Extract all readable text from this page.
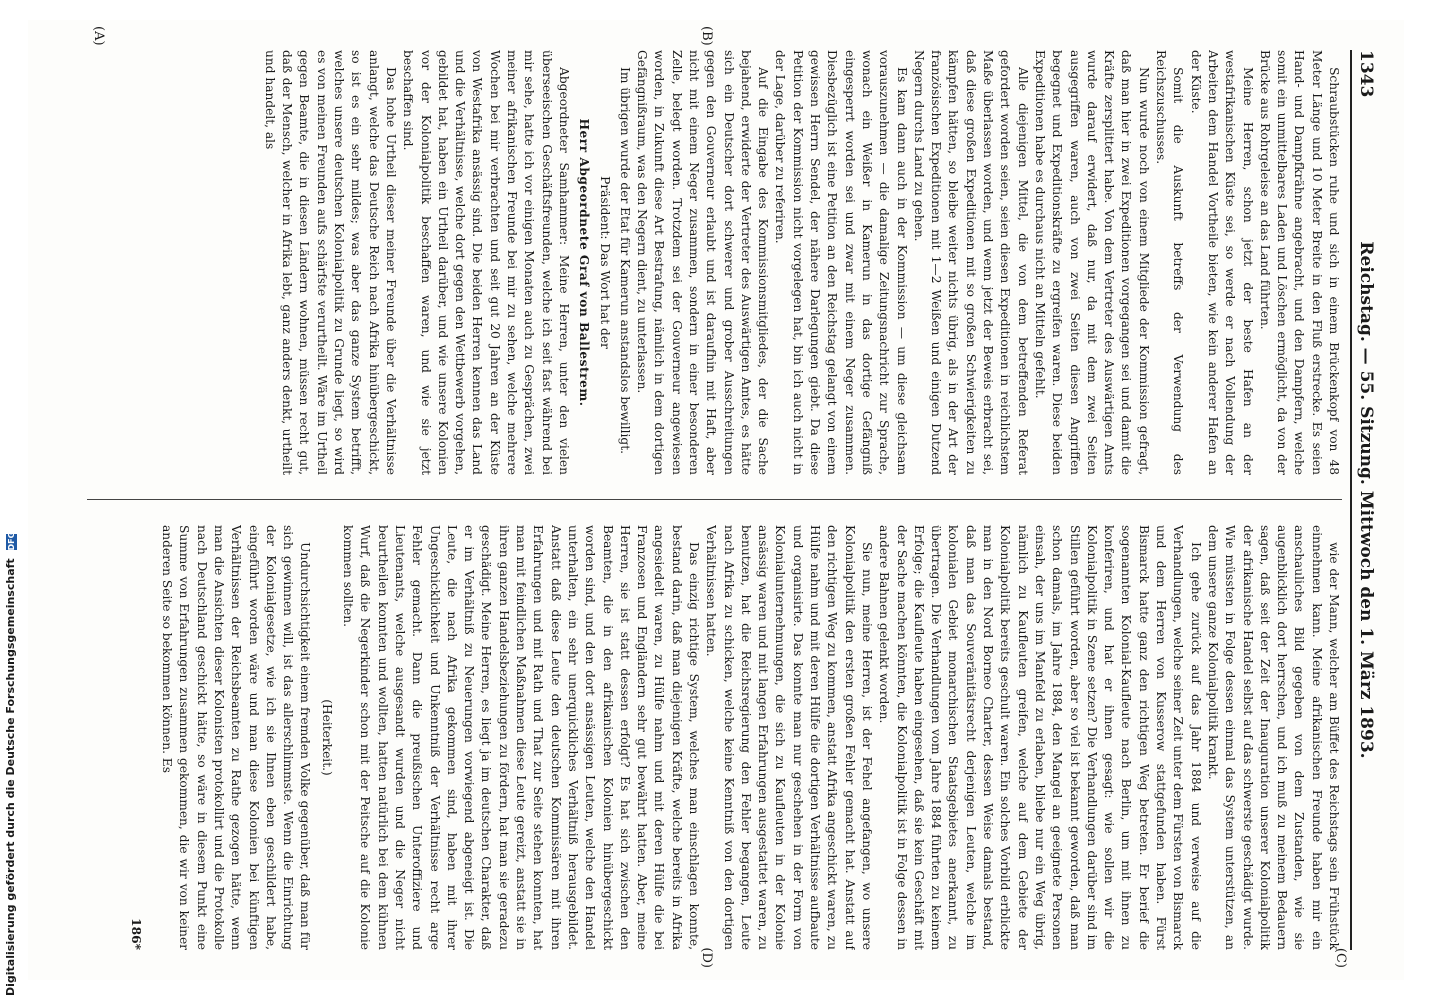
1343
Reichstag. — 55. Sitzung. Mittwoch den 1. März 1893.
(C)
(D)
(B)
(A)

Schraubstücken ruhe und sich in einem Brückenkopf von 48 Meter Länge und 10 Meter Breite in den Fluß erstrecke. Es seien Hand- und Dampfkrähne angebracht, und den Dampfern, welche somit ein unmittelbares Laden und Löschen ermöglicht, da von der Brücke aus Rohrgeleise an das Land führten.

Meine Herren, schon jetzt der beste Hafen an der westafrikanischen Küste sei, so werde er nach Vollendung der Arbeiten dem Handel Vortheile bieten, wie kein anderer Hafen an der Küste.

Somit die Auskunft betreffs der Verwendung des Reichszuschusses.

Nun wurde noch von einem Mitgliede der Kommission gefragt, daß man hier in zwei Expeditionen vorgegangen sei und damit die Kräfte zersplittert habe. Von dem Vertreter des Auswärtigen Amts wurde darauf erwidert, daß nur, da mit dem zwei Seiten ausgegriffen waren, auch von zwei Seiten diesen Angriffen begegnet und Expeditionskräfte zu ergreifen waren. Diese beiden Expeditionen habe es durchaus nicht an Mitteln gefehlt.

Alle diejenigen Mittel, die von dem betreffenden Referat gefordert worden seien, seien diesen Expeditionen in reichlichstem Maße überlassen worden, und wenn jetzt der Beweis erbracht sei, daß diese großen Expeditionen mit so großen Schwierigkeiten zu kämpfen hätten, so bleibe weiter nichts übrig, als in der Art der französischen Expeditionen mit 1—2 Weißen und einigen Dutzend Negern durchs Land zu gehen.

Es kam dann auch in der Kommission — um diese gleichsam vorauszunehmen — die damalige Zeitungsnachricht zur Sprache, wonach ein Weißer in Kamerun in das dortige Gefängniß eingesperrt worden sei und zwar mit einem Neger zusammen. Diesbezüglich ist eine Petition an den Reichstag gelangt von einem gewissen Herrn Sendel, der nähere Darlegungen giebt. Da diese Petition der Kommission nicht vorgelegen hat, bin ich auch nicht in der Lage, darüber zu referiren.

Auf die Eingabe des Kommissionsmitgliedes, der die Sache bejahend, erwiderte der Vertreter des Auswärtigen Amtes, es hätte sich ein Deutscher dort schwerer und grober Ausschreitungen gegen den Gouverneur erlaubt und ist daraufhin mit Haft, aber nicht mit einem Neger zusammen, sondern in einer besonderen Zelle, belegt worden. Trotzdem sei der Gouverneur angewiesen worden, in Zukunft diese Art Bestrafung, nämlich in dem dortigen Gefängnißraum, was den Negern dient, zu unterlassen.

Im übrigen wurde der Etat für Kamerun anstandslos bewilligt.

Präsident: Das Wort hat der

Herr Abgeordnete Graf von Ballestrem.

Abgeordneter Samhammer: Meine Herren, unter den vielen überseeischen Geschäftsfreunden, welche ich seit fast während bei mir sehe, hatte ich vor einigen Monaten auch zu Gesprächen, zwei meiner afrikanischen Freunde bei mir zu sehen, welche mehrere Wochen bei mir verbrachten und seit gut 20 Jahren an der Küste von Westafrika ansässig sind. Die beiden Herren kennen das Land und die Verhältnisse, welche dort gegen den Wettbewerb vorgehen, gebildet hat, haben ein Urtheil darüber, und wie unsere Kolonien vor der Kolonialpolitik beschaffen waren, und wie sie jetzt beschaffen sind.

Das hohe Urtheil dieser meiner Freunde über die Verhältnisse anlangt, welche das Deutsche Reich nach Afrika hinübergeschickt, so ist es ein sehr mildes; was aber das ganze System betrifft, welches unsere deutschen Kolonialpolitik zu Grunde liegt, so wird es von meinen Freunden aufs schärfste verurtheilt. Wäre im Urtheil gegen Beamte, die in diesen Ländern wohnen, müssen recht gut, daß der Mensch, welcher in Afrika lebt, ganz anders denkt, urtheilt und handelt, als

wie der Mann, welcher am Büffet des Reichstags sein Frühstück einnehmen kann. Meine afrikanischen Freunde haben mir ein anschauliches Bild gegeben von dem Zustanden, wie sie augenblicklich dort herrschen, und ich muß zu meinem Bedauern sagen, daß seit der Zeit der Inauguration unserer Kolonialpolitik der afrikanische Handel selbst auf das schwerste geschädigt wurde. Wie müssten in Folge dessen einmal das System unterstützen, an dem unsere ganze Kolonialpolitik krankt.

Ich gehe zurück auf das Jahr 1884 und verweise auf die Verhandlungen, welche seiner Zeit unter dem Fürsten von Bismarck und dem Herren von Kusserow stattgefunden haben. Fürst Bismarck hatte ganz den richtigen Weg betreten. Er berief die sogenannten Kolonial-Kaufleute nach Berlin, um mit ihnen zu konferiren, und hat er ihnen gesagt: wie sollen wir die Kolonialpolitik in Szene setzen? Die Verhandlungen darüber sind im Stillen geführt worden, aber so viel ist bekannt geworden, daß man schon damals, im Jahre 1884, den Mangel an geeignete Personen einsah, der uns im Manfeld zu erlaben, bliebe nur ein Weg übrig, nämlich zu Kaufleuten greifen, welche auf dem Gebiete der Kolonialpolitik bereits geschult waren. Ein solches Vorbild erblickte man in den Nord Borneo Charter, dessen Weise damals bestand, daß man das Souveränitätsrecht derjenigen Leuten, welche im kolonialen Gebiet monarchischen Staatsgebietes anerkannt, zu übertragen. Die Verhandlungen vom Jahre 1884 führten zu keinem Erfolge; die Kaufleute haben eingesehen, daß sie kein Geschäft mit der Sache machen könnten, die Kolonialpolitik ist in Folge dessen in andere Bahnen gelenkt worden.

Sie nun, meine Herren, ist der Fehel angefangen, wo unsere Kolonialpolitik den ersten großen Fehler gemacht hat. Anstatt auf den richtigen Weg zu kommen, anstatt Afrika angeschickt waren, zu Hülfe nahm und mit deren Hülfe die dortigen Verhältnisse aufbaute und organisirte. Das konnte man nur geschehen in der Form von Kolonialunternehmungen, die sich zu Kaufleuten in der Kolonie ansässig waren und mit langen Erfahrungen ausgestattet waren, zu benutzen, hat die Reichsregierung den Fehler begangen, Leute nach Afrika zu schicken, welche keine Kenntniß von den dortigen Verhältnissen hatten.

Das einzig richtige System, welches man einschlagen konnte, bestand darin, daß man diejenigen Kräfte, welche bereits in Afrika angesiedelt waren, zu Hülfe nahm und mit deren Hülfe die bei Franzosen und Engländern sehr gut bewährt hatten. Aber, meine Herren, sie ist statt dessen erfolgt? Es hat sich zwischen den Beamten, die in den afrikanischen Kolonien hinübergeschickt worden sind, und den dort ansässigen Leuten, welche den Handel unterhalten, ein sehr unerquickliches Verhältniß herausgebildet. Anstatt daß diese Leute den deutschen Kommissären mit ihren Erfahrungen und mit Rath und That zur Seite stehen konnten, hat man mit feindlichen Maßnahmen diese Leute gereizt, anstatt sie in ihren ganzen Handelsbeziehungen zu fördern, hat man sie geradezu geschädigt. Meine Herren, es liegt ja im deutschen Charakter, daß er im Verhältniß zu Neuerungen vorwiegend abgeneigt ist. Die Leute, die nach Afrika gekommen sind, haben mit ihrer Ungeschicklichkeit und Unkenntniß der Verhältnisse recht arge Fehler gemacht. Dann die preußischen Unteroffiziere und Lieutenants, welche ausgesandt wurden und die Neger nicht beurtheilen konnten und wollten, hatten natürlich bei dem kühnen Wurf, daß die Negerkinder schon mit der Peitsche auf die Kolonie kommen sollten.

(Heiterkeit.)

Undurchsichtigkeit einem fremden Volke gegenüber, daß man für sich gewinnen will, ist das allerschlimmste. Wenn die Einrichtung der Kolonialgesetze, wie ich sie Ihnen eben geschildert habe, eingeführt worden wäre und man diese Kolonien bei künftigen Verhältnissen der Reichsbeamten zu Rathe gezogen hätte, wenn man die Ansichten dieser Kolonisten protokollirt und die Protokolle nach Deutschland geschickt hätte, so wäre in diesem Punkt eine Summe von Erfahrungen zusammen gekommen, die wir von keiner anderen Seite so bekommen können. Es

186*

Digitalisierung gefördert durch die Deutsche Forschungsgemeinschaft DFG
